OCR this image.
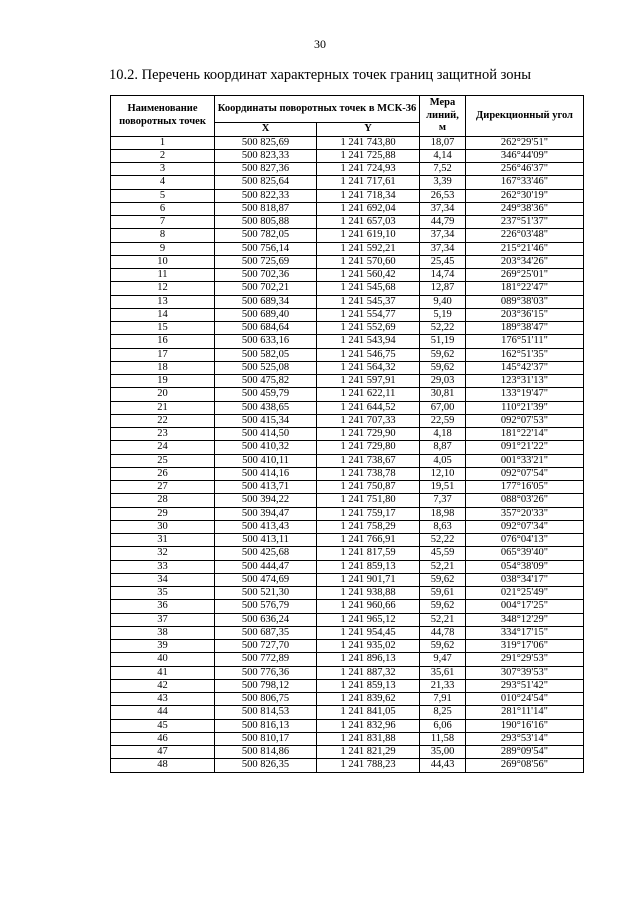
30
10.2. Перечень координат характерных точек границ защитной зоны
Наименование поворотных точек	Координаты поворотных точек в МСК-36		Мера линий, м	Дирекционный угол
	X	Y		
1	500 825,69	1 241 743,80	18,07	262°29'51"
2	500 823,33	1 241 725,88	4,14	346°44'09"
3	500 827,36	1 241 724,93	7,52	256°46'37"
4	500 825,64	1 241 717,61	3,39	167°33'46"
5	500 822,33	1 241 718,34	26,53	262°30'19"
6	500 818,87	1 241 692,04	37,34	249°38'36"
7	500 805,88	1 241 657,03	44,79	237°51'37"
8	500 782,05	1 241 619,10	37,34	226°03'48"
9	500 756,14	1 241 592,21	37,34	215°21'46"
10	500 725,69	1 241 570,60	25,45	203°34'26"
11	500 702,36	1 241 560,42	14,74	269°25'01"
12	500 702,21	1 241 545,68	12,87	181°22'47"
13	500 689,34	1 241 545,37	9,40	089°38'03"
14	500 689,40	1 241 554,77	5,19	203°36'15"
15	500 684,64	1 241 552,69	52,22	189°38'47"
16	500 633,16	1 241 543,94	51,19	176°51'11"
17	500 582,05	1 241 546,75	59,62	162°51'35"
18	500 525,08	1 241 564,32	59,62	145°42'37"
19	500 475,82	1 241 597,91	29,03	123°31'13"
20	500 459,79	1 241 622,11	30,81	133°19'47"
21	500 438,65	1 241 644,52	67,00	110°21'39"
22	500 415,34	1 241 707,33	22,59	092°07'53"
23	500 414,50	1 241 729,90	4,18	181°22'14"
24	500 410,32	1 241 729,80	8,87	091°21'22"
25	500 410,11	1 241 738,67	4,05	001°33'21"
26	500 414,16	1 241 738,78	12,10	092°07'54"
27	500 413,71	1 241 750,87	19,51	177°16'05"
28	500 394,22	1 241 751,80	7,37	088°03'26"
29	500 394,47	1 241 759,17	18,98	357°20'33"
30	500 413,43	1 241 758,29	8,63	092°07'34"
31	500 413,11	1 241 766,91	52,22	076°04'13"
32	500 425,68	1 241 817,59	45,59	065°39'40"
33	500 444,47	1 241 859,13	52,21	054°38'09"
34	500 474,69	1 241 901,71	59,62	038°34'17"
35	500 521,30	1 241 938,88	59,61	021°25'49"
36	500 576,79	1 241 960,66	59,62	004°17'25"
37	500 636,24	1 241 965,12	52,21	348°12'29"
38	500 687,35	1 241 954,45	44,78	334°17'15"
39	500 727,70	1 241 935,02	59,62	319°17'06"
40	500 772,89	1 241 896,13	9,47	291°29'53"
41	500 776,36	1 241 887,32	35,61	307°39'53"
42	500 798,12	1 241 859,13	21,33	293°51'42"
43	500 806,75	1 241 839,62	7,91	010°24'54"
44	500 814,53	1 241 841,05	8,25	281°11'14"
45	500 816,13	1 241 832,96	6,06	190°16'16"
46	500 810,17	1 241 831,88	11,58	293°53'14"
47	500 814,86	1 241 821,29	35,00	289°09'54"
48	500 826,35	1 241 788,23	44,43	269°08'56"
